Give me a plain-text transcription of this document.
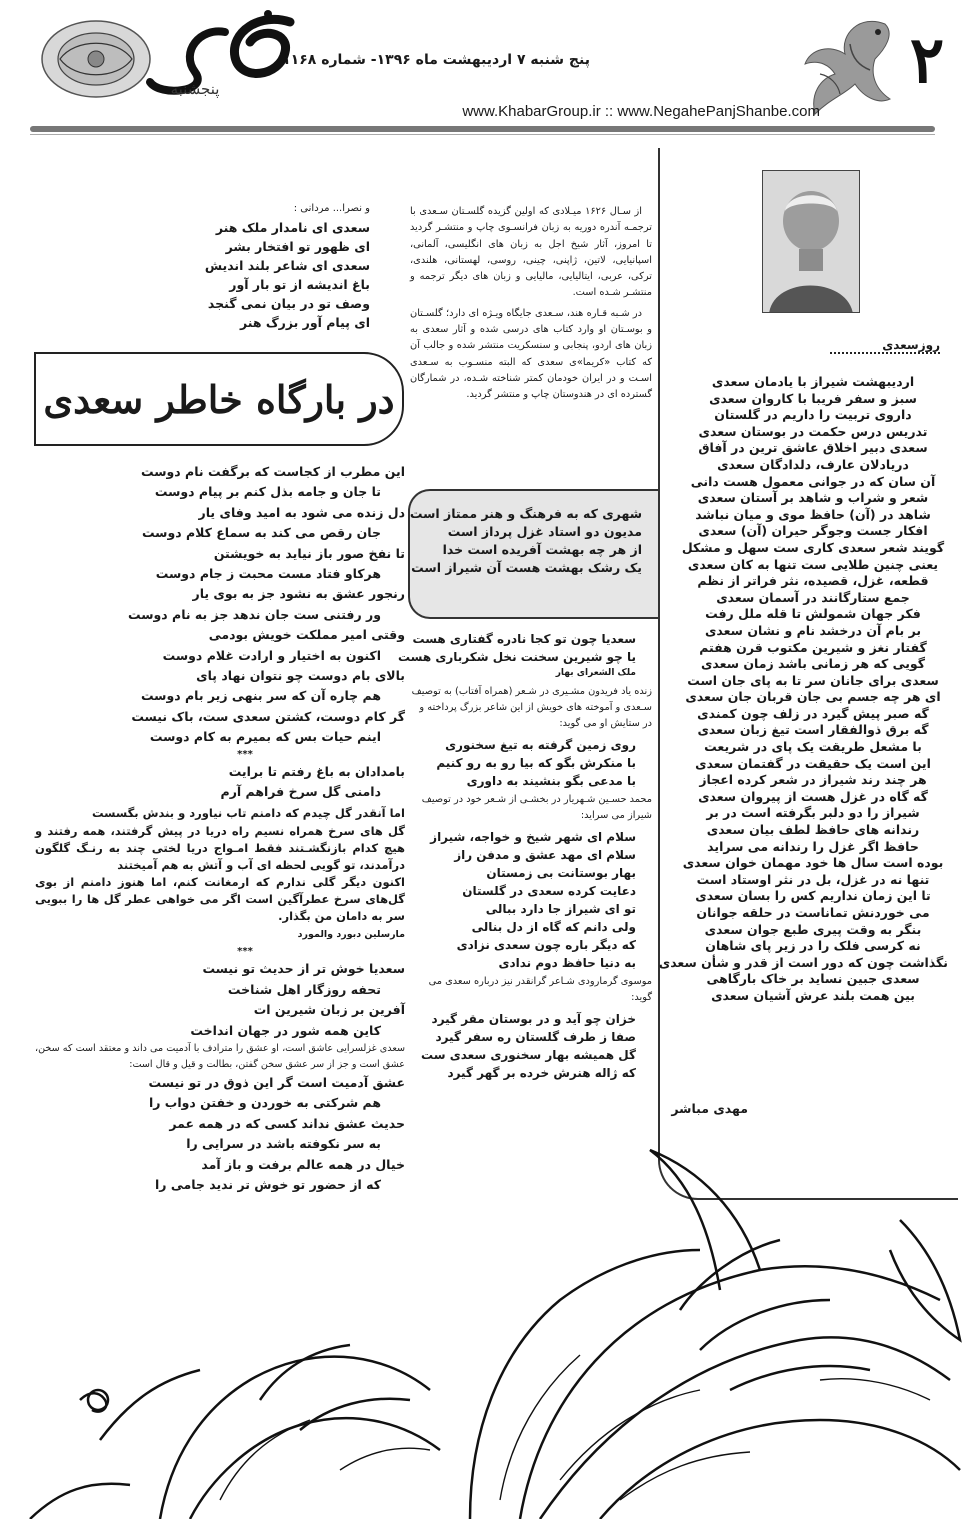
۲
پنج شنبه ۷ اردیبهشت ماه ۱۳۹۶- شماره ۱۱۶۸
www.KhabarGroup.ir :: www.NegahePanjShanbe.com
پنجشنبه
روزسعدی
اردیبهشت شیراز با یادمان سعدی
سبز و سفر فریبا با کاروان سعدی
داروی تربیت را داریم در گلستان
تدریس درس حکمت در بوستان سعدی
سعدی دبیر اخلاق عاشق ترین در آفاق
دریادلان عارف، دلدادگان سعدی
آن سان که در جوانی معمول هست دانی
شعر و شراب و شاهد بر آستان سعدی
شاهد در (آن) حافظ موی و میان نباشد
افکار جست وجوگر حیران (آن) سعدی
گویند شعر سعدی کاری ست سهل و مشکل
یعنی چنین طلایی ست تنها به کان سعدی
قطعه، غزل، قصیده، نثر فراتر از نظم
جمع ستارگانند در آسمان سعدی
فکر جهان شمولش تا قله ملل رفت
بر بام آن درخشد نام و نشان سعدی
گفتار نغز و شیرین مکتوب قرن هفتم
گویی که هر زمانی باشد زمان سعدی
سعدی برای جانان سر تا به پای جان است
ای هر چه جسم بی جان قربان جان سعدی
گه صبر پیش گیرد در زلف چون کمندی
گه برق ذوالفقار است تیغ زبان سعدی
با مشعل طریقت یک پای در شریعت
این است یک حقیقت در گفتمان سعدی
هر چند رند شیراز در شعر کرده اعجاز
گه گاه در غزل هست از پیروان سعدی
شیراز را دو دلبر بگرفته است در بر
رندانه های حافظ لطف بیان سعدی
حافظ اگر غزل را رندانه می سراید
بوده است سال ها خود مهمان خوان سعدی
تنها نه در غزل، بل در نثر اوستاد است
تا این زمان نداریم کس را بسان سعدی
می خوردنش تماناست در حلقه جوانان
بنگر به وقت پیری طبع جوان سعدی
نه کرسی فلک را در زیر پای شاهان
نگذاشت چون که دور است از قدر و شأن سعدی
سعدی جبین نساید بر خاک بارگاهی
بین همت بلند عرش آشیان سعدی
مهدی مباشر

از سـال ۱۶۲۶ میـلادی که اولین گزیده گلسـتان سـعدی با ترجمـه آندره دوریه به زبان فرانسـوی چاپ و منتشـر گردید تا امروز، آثار شیخ اجل به زبان های انگلیسی، آلمانی، اسپانیایی، لاتین، ژاپنی، چینی، روسی، لهستانی، هلندی، ترکی، عربی، ایتالیایی، مالیایی و زبان های دیگر ترجمه و منتشـر شـده است.

در شـبه قـاره هند، سـعدی جایگاه ویـژه ای دارد؛ گلسـتان و بوسـتان او وارد کتاب های درسی شده و آثار سعدی به زبان های اردو، پنجابی و سنسکریت منتشر شده و جالب آن که کتاب «کریما»ی سعدی که البته منسـوب به سـعدی اسـت و در ایران خودمان کمتر شناخته شـده، در شمارگان گسترده ای در هندوستان چاپ و منتشر گردید.

شهری که به فرهنگ و هنر ممتاز است
مدیون دو استاد غزل پرداز است
از هر چه بهشت آفریده است خدا
یک رشک بهشت هست آن شیراز است
سعدیا چون تو کجا نادره گفتاری هست
یا چو شیرین سخنت نخل شکرباری هست
ملک الشعرای بهار
زنده یاد فریدون مشـیری در شـعر (همراه آفتاب) به توصیف سـعدی و آموخته های خویش از این شاعر بزرگ پرداخته و در ستایش او می گوید:
روی زمین گرفته به تیغ سخنوری
با منکرش بگو که بیا رو به رو کنیم
با مدعی بگو بنشیند به داوری
محمد حسـین شـهریار در بخشـی از شـعر خود در توصیف شیراز می سراید:
سلام ای شهر شیخ و خواجه، شیراز
سلام ای مهد عشق و مدفن راز
بهار بوستانت بی زمستان
دعایت کرده سعدی در گلستان
تو ای شیراز جا دارد ببالی
ولی دانم که گاه از دل بنالی
که دیگر باره چون سعدی نزادی
به دنیا حافظ دوم ندادی
موسوی گرمارودی شـاعر گرانقدر نیز درباره سعدی می گوید:
خزان چو آید و در بوستان مقر گیرد
صفا ز طرف گلستان ره سفر گیرد
گل همیشه بهار سخنوری سعدی ست
که ژاله هنرش خرده بر گهر گیرد
و نصرا... مردانی :
سعدی ای نامدار ملک هنر
ای ظهور تو افتخار بشر
سعدی ای شاعر بلند اندیش
باغ اندیشه از تو بار آور
وصف تو در بیان نمی گنجد
ای پیام آور بزرگ هنر
در بارگاه خاطر سعدی
این مطرب از کجاست که برگفت نام دوست
تا جان و جامه بذل کنم بر پیام دوست
دل زنده می شود به امید وفای یار
جان رقص می کند به سماع کلام دوست
تا نفخ صور باز نیاید به خویشتن
هرکاو فتاد مست محبت ز جام دوست
رنجور عشق به نشود جز به بوی یار
ور رفتنی ست جان ندهد جز به نام دوست
وقتی امیر مملکت خویش بودمی
اکنون به اختیار و ارادت غلام دوست
بالای بام دوست چو نتوان نهاد پای
هم چاره آن که سر بنهی زیر بام دوست
گر کام دوست، کشتن سعدی ست، باک نیست
اینم حیات بس که بمیرم به کام دوست
***
بامدادان به باغ رفتم تا برایت
دامنی گل سرخ فراهم آرم
اما آنقدر گل چیدم که دامنم تاب نیاورد و بندش بگسست
گل های سرخ همراه نسیم راه دریا در پیش گرفتند، همه رفتند و هیچ کدام بازنگشـتند فقط امـواج دریا لختی چند به رنـگ گلگون درآمدند، تو گویی لحظه ای آب و آتش به هم آمیختند
اکنون دیگر گلی ندارم که ارمغانت کنم، اما هنوز دامنم از بوی گل‌های سرخ عطرآگین است اگر می خواهی عطر گل ها را ببویی سر به دامان من بگذار.
مارسلین دبورد والمورد
***
سعدیا خوش تر از حدیث تو نیست
تحفه روزگار اهل شناخت
آفرین بر زبان شیرین ات
کاین همه شور در جهان انداخت
سعدی غزلسرایی عاشق است، او عشق را مترادف با آدمیت می داند و معتقد است که سخن، عشق است و جز از سر عشق سخن گفتن، بطالت و قیل و قال است:
عشق آدمیت است گر این ذوق در تو نیست
هم شرکتی به خوردن و خفتن دواب را
حدیث عشق نداند کسی که در همه عمر
به سر نکوفته باشد در سرایی را
خیال در همه عالم برفت و باز آمد
که از حضور تو خوش تر ندید جامی را
